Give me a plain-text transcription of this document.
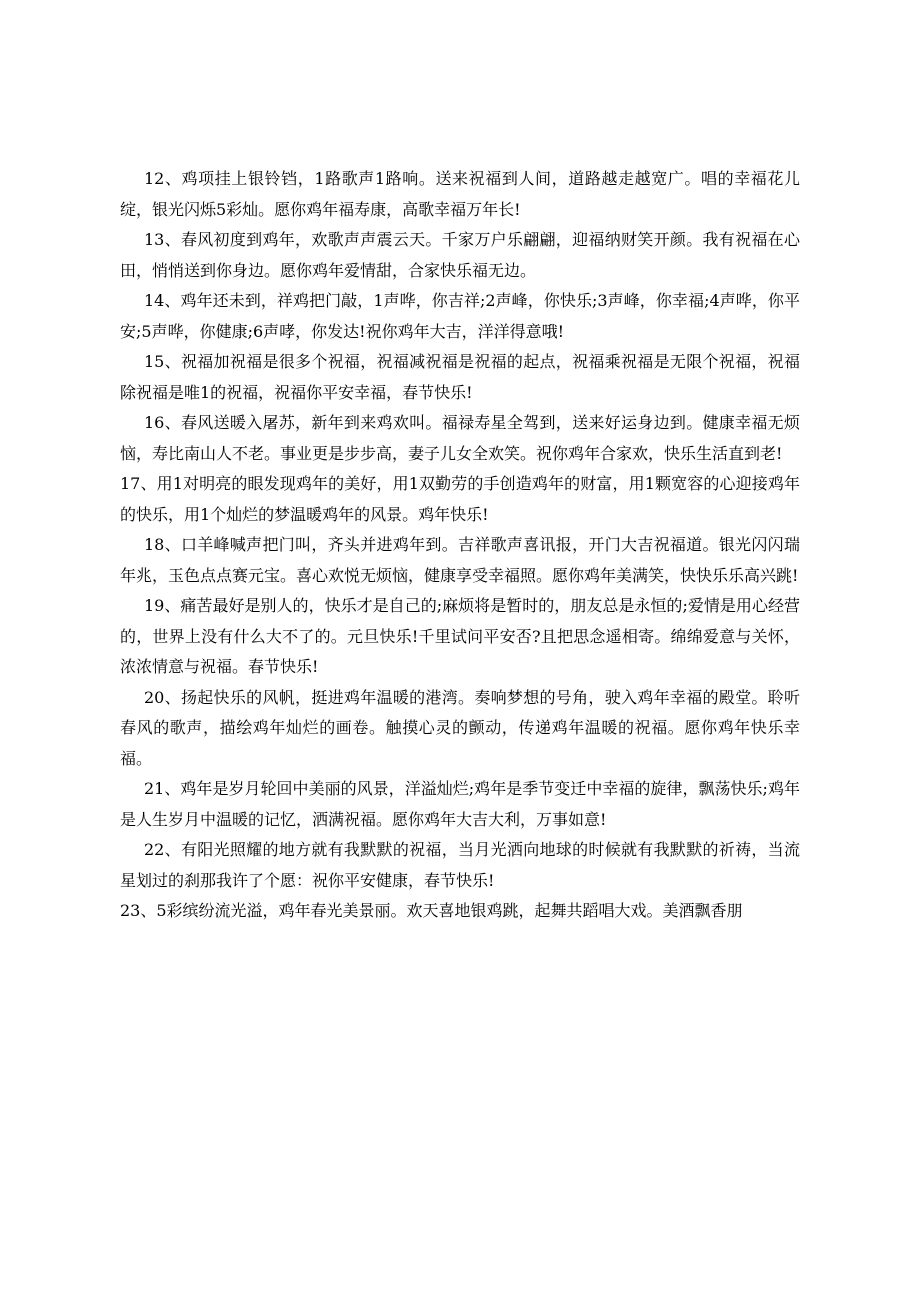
12、鸡项挂上银铃铛，1路歌声1路响。送来祝福到人间，道路越走越宽广。唱的幸福花儿绽，银光闪烁5彩灿。愿你鸡年福寿康，高歌幸福万年长!

13、春风初度到鸡年，欢歌声声震云天。千家万户乐翩翩，迎福纳财笑开颜。我有祝福在心田，悄悄送到你身边。愿你鸡年爱情甜，合家快乐福无边。

14、鸡年还未到，祥鸡把门敲，1声哗，你吉祥;2声峰，你快乐;3声峰，你幸福;4声哗，你平安;5声哗，你健康;6声哮，你发达!祝你鸡年大吉，洋洋得意哦!

15、祝福加祝福是很多个祝福，祝福减祝福是祝福的起点，祝福乘祝福是无限个祝福，祝福除祝福是唯1的祝福，祝福你平安幸福，春节快乐!

16、春风送暖入屠苏，新年到来鸡欢叫。福禄寿星全驾到，送来好运身边到。健康幸福无烦恼，寿比南山人不老。事业更是步步高，妻子儿女全欢笑。祝你鸡年合家欢，快乐生活直到老!

17、用1对明亮的眼发现鸡年的美好，用1双勤劳的手创造鸡年的财富，用1颗宽容的心迎接鸡年的快乐，用1个灿烂的梦温暖鸡年的风景。鸡年快乐!

18、口羊峰喊声把门叫，齐头并进鸡年到。吉祥歌声喜讯报，开门大吉祝福道。银光闪闪瑞年兆，玉色点点赛元宝。喜心欢悦无烦恼，健康享受幸福照。愿你鸡年美满笑，快快乐乐高兴跳!

19、痛苦最好是别人的，快乐才是自己的;麻烦将是暂时的，朋友总是永恒的;爱情是用心经营的，世界上没有什么大不了的。元旦快乐!千里试问平安否?且把思念遥相寄。绵绵爱意与关怀，浓浓情意与祝福。春节快乐!

20、扬起快乐的风帆，挺进鸡年温暖的港湾。奏响梦想的号角，驶入鸡年幸福的殿堂。聆听春风的歌声，描绘鸡年灿烂的画卷。触摸心灵的颤动，传递鸡年温暖的祝福。愿你鸡年快乐幸福。

21、鸡年是岁月轮回中美丽的风景，洋溢灿烂;鸡年是季节变迁中幸福的旋律，飘荡快乐;鸡年是人生岁月中温暖的记忆，洒满祝福。愿你鸡年大吉大利，万事如意!

22、有阳光照耀的地方就有我默默的祝福，当月光洒向地球的时候就有我默默的祈祷，当流星划过的刹那我许了个愿：祝你平安健康，春节快乐!

23、5彩缤纷流光溢，鸡年春光美景丽。欢天喜地银鸡跳，起舞共蹈唱大戏。美酒飘香朋
